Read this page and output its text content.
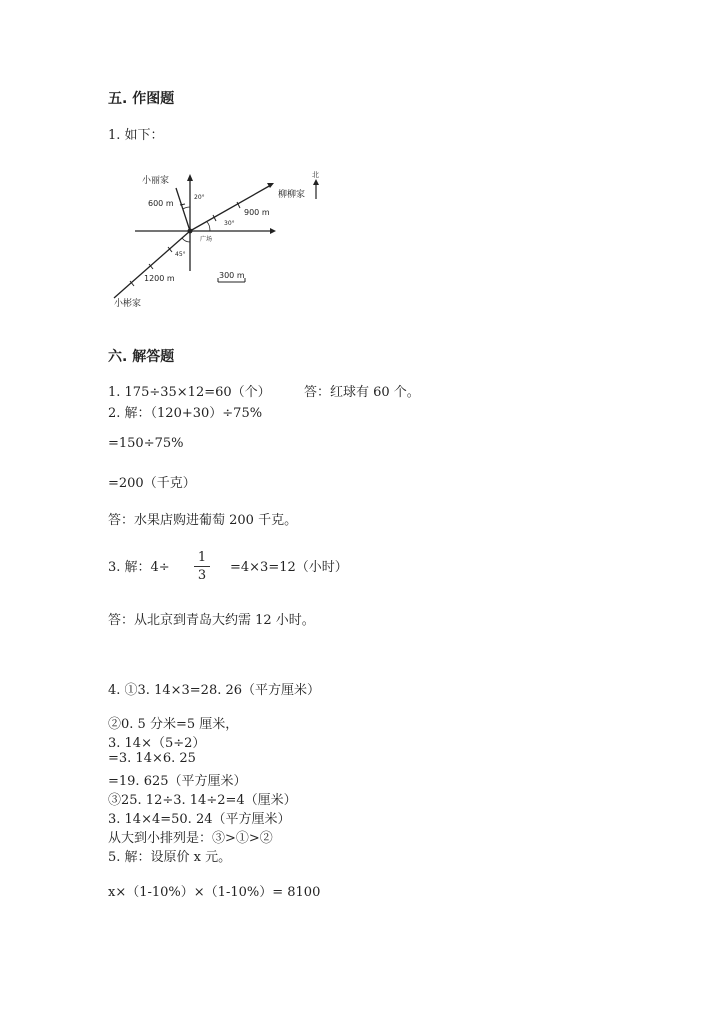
五. 作图题
1. 如下：
北
小丽家
柳柳家
小彬家
600 m
900 m
1200 m
20°
30°
45°
广场
300 m
六. 解答题
1. 175÷35×12=60（个）	答：红球有 60 个。
2. 解：（120+30）÷75%
=150÷75%
=200（千克）
答：水果店购进葡萄 200 千克。
3. 解：4÷
1
3
=4×3=12（小时）
答：从北京到青岛大约需 12 小时。
4. ①3. 14×3=28. 26（平方厘米）
②0. 5 分米=5 厘米，
3. 14×（5÷2）
=3. 14×6. 25
=19. 625（平方厘米）
③25. 12÷3. 14÷2=4（厘米）
3. 14×4=50. 24（平方厘米）
从大到小排列是：③>①>②
5. 解：设原价 x 元。
x×（1-10%）×（1-10%）= 8100
